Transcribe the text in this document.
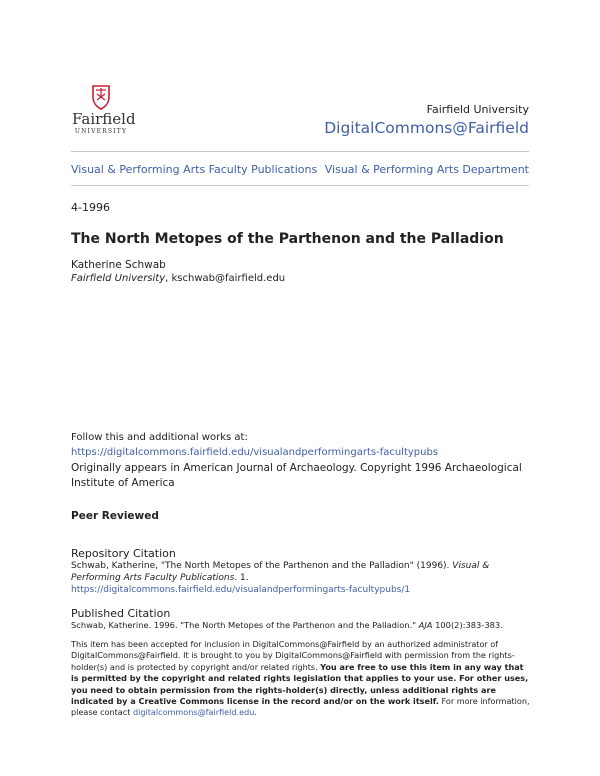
Fairfield
UNIVERSITY
Fairfield University
DigitalCommons@Fairfield
Visual & Performing Arts Faculty Publications Visual & Performing Arts Department
4-1996
The North Metopes of the Parthenon and the Palladion
Katherine Schwab
Fairfield University, kschwab@fairfield.edu
Follow this and additional works at: https://digitalcommons.fairfield.edu/visualandperformingarts-facultypubs
Originally appears in American Journal of Archaeology. Copyright 1996 Archaeological Institute of America
Peer Reviewed
Repository Citation
Schwab, Katherine, "The North Metopes of the Parthenon and the Palladion" (1996). Visual & Performing Arts Faculty Publications. 1.
https://digitalcommons.fairfield.edu/visualandperformingarts-facultypubs/1
Published Citation
Schwab, Katherine. 1996. "The North Metopes of the Parthenon and the Palladion." AJA 100(2):383-383.
This item has been accepted for inclusion in DigitalCommons@Fairfield by an authorized administrator of DigitalCommons@Fairfield. It is brought to you by DigitalCommons@Fairfield with permission from the rights-holder(s) and is protected by copyright and/or related rights. You are free to use this item in any way that is permitted by the copyright and related rights legislation that applies to your use. For other uses, you need to obtain permission from the rights-holder(s) directly, unless additional rights are indicated by a Creative Commons license in the record and/or on the work itself. For more information, please contact digitalcommons@fairfield.edu.
